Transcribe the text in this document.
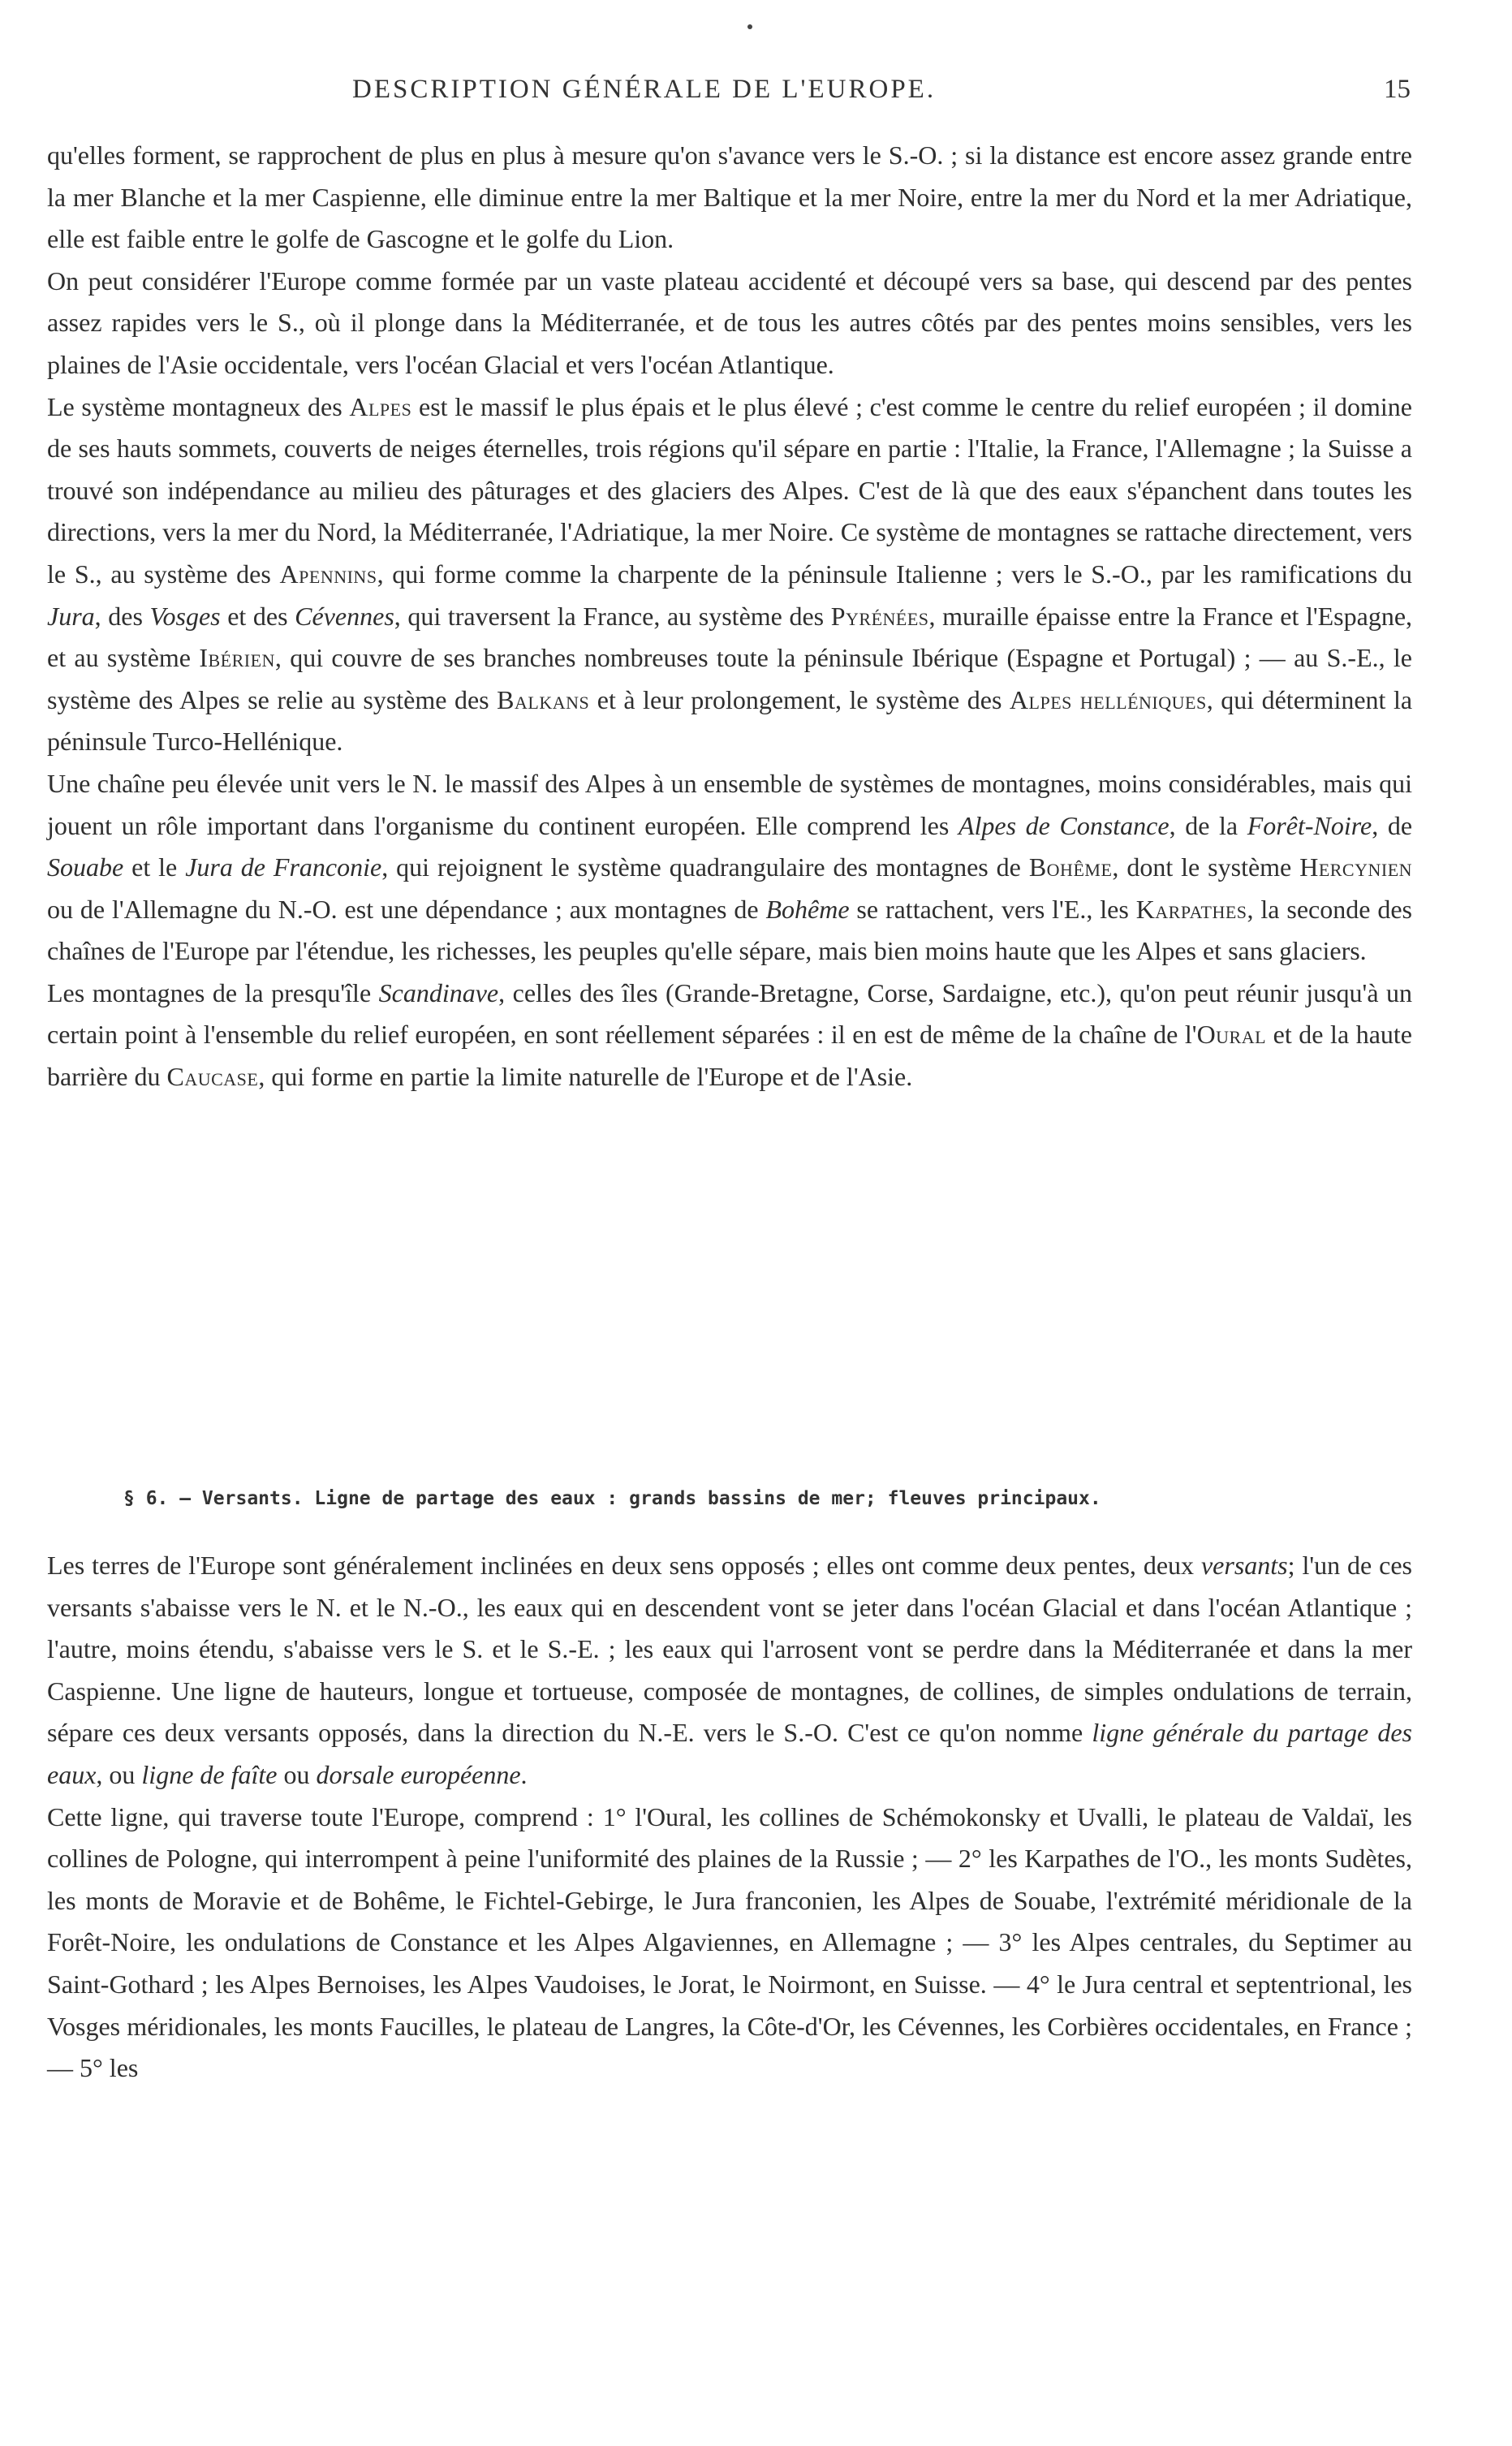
DESCRIPTION GÉNÉRALE DE L'EUROPE.	15

qu'elles forment, se rapprochent de plus en plus à mesure qu'on s'avance vers le S.-O. ; si la distance est encore assez grande entre la mer Blanche et la mer Caspienne, elle diminue entre la mer Baltique et la mer Noire, entre la mer du Nord et la mer Adriatique, elle est faible entre le golfe de Gascogne et le golfe du Lion.

On peut considérer l'Europe comme formée par un vaste plateau accidenté et découpé vers sa base, qui descend par des pentes assez rapides vers le S., où il plonge dans la Méditerranée, et de tous les autres côtés par des pentes moins sensibles, vers les plaines de l'Asie occidentale, vers l'océan Glacial et vers l'océan Atlantique.

Le système montagneux des Alpes est le massif le plus épais et le plus élevé ; c'est comme le centre du relief européen ; il domine de ses hauts sommets, couverts de neiges éternelles, trois régions qu'il sépare en partie : l'Italie, la France, l'Allemagne ; la Suisse a trouvé son indépendance au milieu des pâturages et des glaciers des Alpes. C'est de là que des eaux s'épanchent dans toutes les directions, vers la mer du Nord, la Méditerranée, l'Adriatique, la mer Noire. Ce système de montagnes se rattache directement, vers le S., au système des Apennins, qui forme comme la charpente de la péninsule Italienne ; vers le S.-O., par les ramifications du Jura, des Vosges et des Cévennes, qui traversent la France, au système des Pyrénées, muraille épaisse entre la France et l'Espagne, et au système Ibérien, qui couvre de ses branches nombreuses toute la péninsule Ibérique (Espagne et Portugal) ; — au S.-E., le système des Alpes se relie au système des Balkans et à leur prolongement, le système des Alpes helléniques, qui déterminent la péninsule Turco-Hellénique.

Une chaîne peu élevée unit vers le N. le massif des Alpes à un ensemble de systèmes de montagnes, moins considérables, mais qui jouent un rôle important dans l'organisme du continent européen. Elle comprend les Alpes de Constance, de la Forêt-Noire, de Souabe et le Jura de Franconie, qui rejoignent le système quadrangulaire des montagnes de Bohême, dont le système Hercynien ou de l'Allemagne du N.-O. est une dépendance ; aux montagnes de Bohême se rattachent, vers l'E., les Karpathes, la seconde des chaînes de l'Europe par l'étendue, les richesses, les peuples qu'elle sépare, mais bien moins haute que les Alpes et sans glaciers.

Les montagnes de la presqu'île Scandinave, celles des îles (Grande-Bretagne, Corse, Sardaigne, etc.), qu'on peut réunir jusqu'à un certain point à l'ensemble du relief européen, en sont réellement séparées : il en est de même de la chaîne de l'Oural et de la haute barrière du Caucase, qui forme en partie la limite naturelle de l'Europe et de l'Asie.

§ 6. — Versants. Ligne de partage des eaux : grands bassins de mer; fleuves principaux.

Les terres de l'Europe sont généralement inclinées en deux sens opposés ; elles ont comme deux pentes, deux versants; l'un de ces versants s'abaisse vers le N. et le N.-O., les eaux qui en descendent vont se jeter dans l'océan Glacial et dans l'océan Atlantique ; l'autre, moins étendu, s'abaisse vers le S. et le S.-E. ; les eaux qui l'arrosent vont se perdre dans la Méditerranée et dans la mer Caspienne. Une ligne de hauteurs, longue et tortueuse, composée de montagnes, de collines, de simples ondulations de terrain, sépare ces deux versants opposés, dans la direction du N.-E. vers le S.-O. C'est ce qu'on nomme ligne générale du partage des eaux, ou ligne de faîte ou dorsale européenne.

Cette ligne, qui traverse toute l'Europe, comprend : 1° l'Oural, les collines de Schémokonsky et Uvalli, le plateau de Valdaï, les collines de Pologne, qui interrompent à peine l'uniformité des plaines de la Russie ; — 2° les Karpathes de l'O., les monts Sudètes, les monts de Moravie et de Bohême, le Fichtel-Gebirge, le Jura franconien, les Alpes de Souabe, l'extrémité méridionale de la Forêt-Noire, les ondulations de Constance et les Alpes Algaviennes, en Allemagne ; — 3° les Alpes centrales, du Septimer au Saint-Gothard ; les Alpes Bernoises, les Alpes Vaudoises, le Jorat, le Noirmont, en Suisse. — 4° le Jura central et septentrional, les Vosges méridionales, les monts Faucilles, le plateau de Langres, la Côte-d'Or, les Cévennes, les Corbières occidentales, en France ; — 5° les
